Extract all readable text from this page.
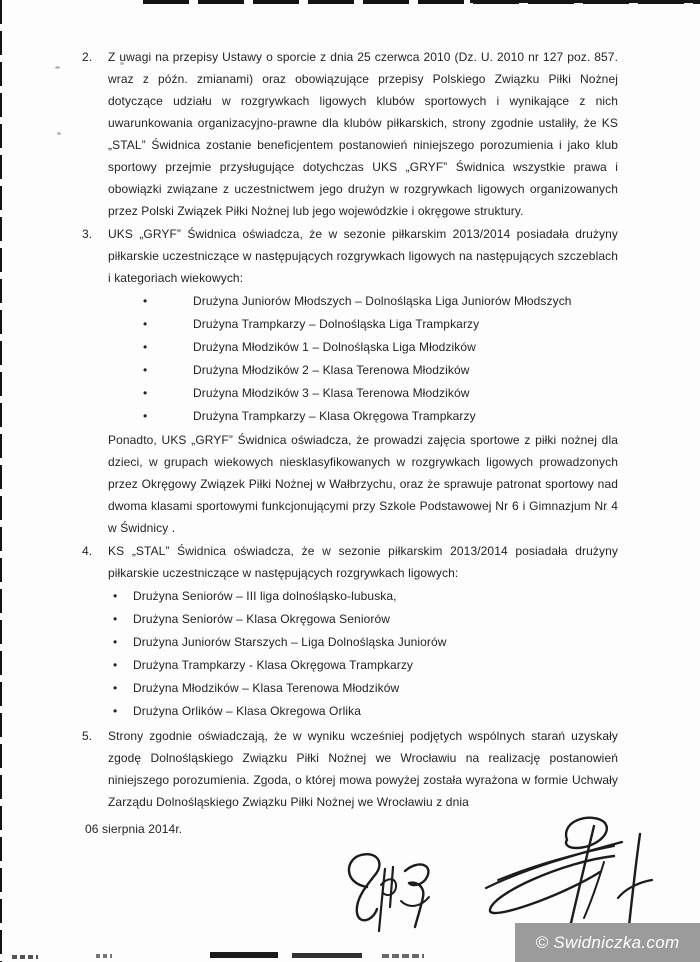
2.	Z uwagi na przepisy Ustawy o sporcie z dnia 25 czerwca 2010 (Dz. U. 2010 nr 127 poz. 857. wraz z późn. zmianami) oraz obowiązujące przepisy Polskiego Związku Piłki Nożnej dotyczące udziału w rozgrywkach ligowych klubów sportowych i wynikające z nich uwarunkowania organizacyjno-prawne dla klubów piłkarskich, strony zgodnie ustaliły, że KS „STAL” Świdnica zostanie beneficjentem postanowień niniejszego porozumienia i jako klub sportowy przejmie przysługujące dotychczas UKS „GRYF” Świdnica wszystkie prawa i obowiązki związane z uczestnictwem jego drużyn w rozgrywkach ligowych organizowanych przez Polski Związek Piłki Nożnej lub jego wojewódzkie i okręgowe struktury.
3.	UKS „GRYF” Świdnica oświadcza, że w sezonie piłkarskim 2013/2014 posiadała drużyny piłkarskie uczestniczące w następujących rozgrywkach ligowych na następujących szczeblach i kategoriach wiekowych:
•	Drużyna Juniorów Młodszych – Dolnośląska Liga Juniorów Młodszych
•	Drużyna Trampkarzy – Dolnośląska Liga Trampkarzy
•	Drużyna Młodzików 1 – Dolnośląska Liga Młodzików
•	Drużyna Młodzików 2 – Klasa Terenowa Młodzików
•	Drużyna Młodzików 3 – Klasa Terenowa Młodzików
•	Drużyna Trampkarzy – Klasa Okręgowa Trampkarzy
Ponadto, UKS „GRYF” Świdnica oświadcza, że prowadzi zajęcia sportowe z piłki nożnej dla dzieci, w grupach wiekowych niesklasyfikowanych w rozgrywkach ligowych prowadzonych przez Okręgowy Związek Piłki Nożnej w Wałbrzychu, oraz że sprawuje patronat sportowy nad dwoma klasami sportowymi funkcjonującymi przy Szkole Podstawowej Nr 6 i Gimnazjum Nr 4 w Świdnicy .
4.	KS „STAL” Świdnica oświadcza, że w sezonie piłkarskim 2013/2014 posiadała drużyny piłkarskie uczestniczące w następujących rozgrywkach ligowych:
•	Drużyna Seniorów – III liga dolnośląsko-lubuska,
•	Drużyna Seniorów – Klasa Okręgowa Seniorów
•	Drużyna Juniorów Starszych – Liga Dolnośląska Juniorów
•	Drużyna Trampkarzy - Klasa Okręgowa Trampkarzy
•	Drużyna Młodzików – Klasa Terenowa Młodzików
•	Drużyna Orlików – Klasa Okregowa Orlika
5.	Strony zgodnie oświadczają, że w wyniku wcześniej podjętych wspólnych starań uzyskały zgodę Dolnośląskiego Związku Piłki Nożnej we Wrocławiu na realizację postanowień niniejszego porozumienia. Zgoda, o której mowa powyżej została wyrażona w formie Uchwały Zarządu Dolnośląskiego Związku Piłki Nożnej we Wrocławiu z dnia
06 sierpnia 2014r.
© Swidniczka.com
